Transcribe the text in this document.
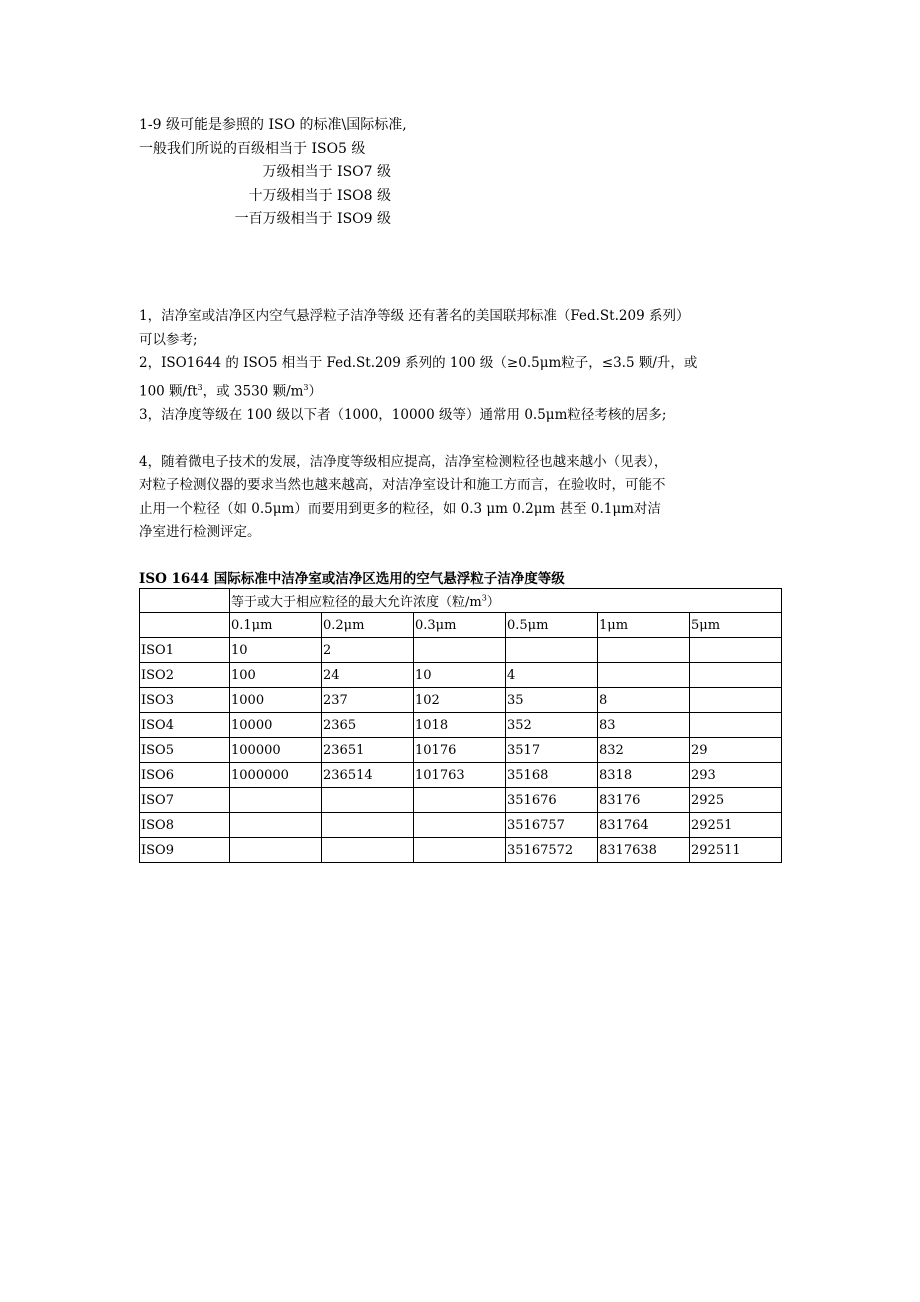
1-9 级可能是参照的 ISO 的标准\国际标准,
一般我们所说的百级相当于 ISO5 级
万级相当于 ISO7 级
十万级相当于 ISO8 级
一百万级相当于 ISO9 级

1，洁净室或洁净区内空气悬浮粒子洁净等级 还有著名的美国联邦标准（Fed.St.209 系列）

可以参考;

2，ISO1644 的 ISO5 相当于 Fed.St.209 系列的 100 级（≥0.5μm粒子，≤3.5 颗/升，或

100 颗$/ft^3$，或 3530 颗$/m^3$）

3，洁净度等级在 100 级以下者（1000，10000 级等）通常用 0.5μm粒径考核的居多;

4，随着微电子技术的发展，洁净度等级相应提高，洁净室检测粒径也越来越小（见表），

对粒子检测仪器的要求当然也越来越高，对洁净室设计和施工方而言，在验收时，可能不

止用一个粒径（如 0.5μm）而要用到更多的粒径，如 0.3 μm 0.2μm 甚至 0.1μm对洁

净室进行检测评定。

ISO 1644 国际标准中洁净室或洁净区选用的空气悬浮粒子洁净度等级
	等于或大于相应粒径的最大允许浓度（粒$/m^3$）					
	0.1μm	0.2μm	0.3μm	0.5μm	1μm	5μm
ISO1	10	2				
ISO2	100	24	10	4		
ISO3	1000	237	102	35	8	
ISO4	10000	2365	1018	352	83	
ISO5	100000	23651	10176	3517	832	29
ISO6	1000000	236514	101763	35168	8318	293
ISO7				351676	83176	2925
ISO8				3516757	831764	29251
ISO9				35167572	8317638	292511
